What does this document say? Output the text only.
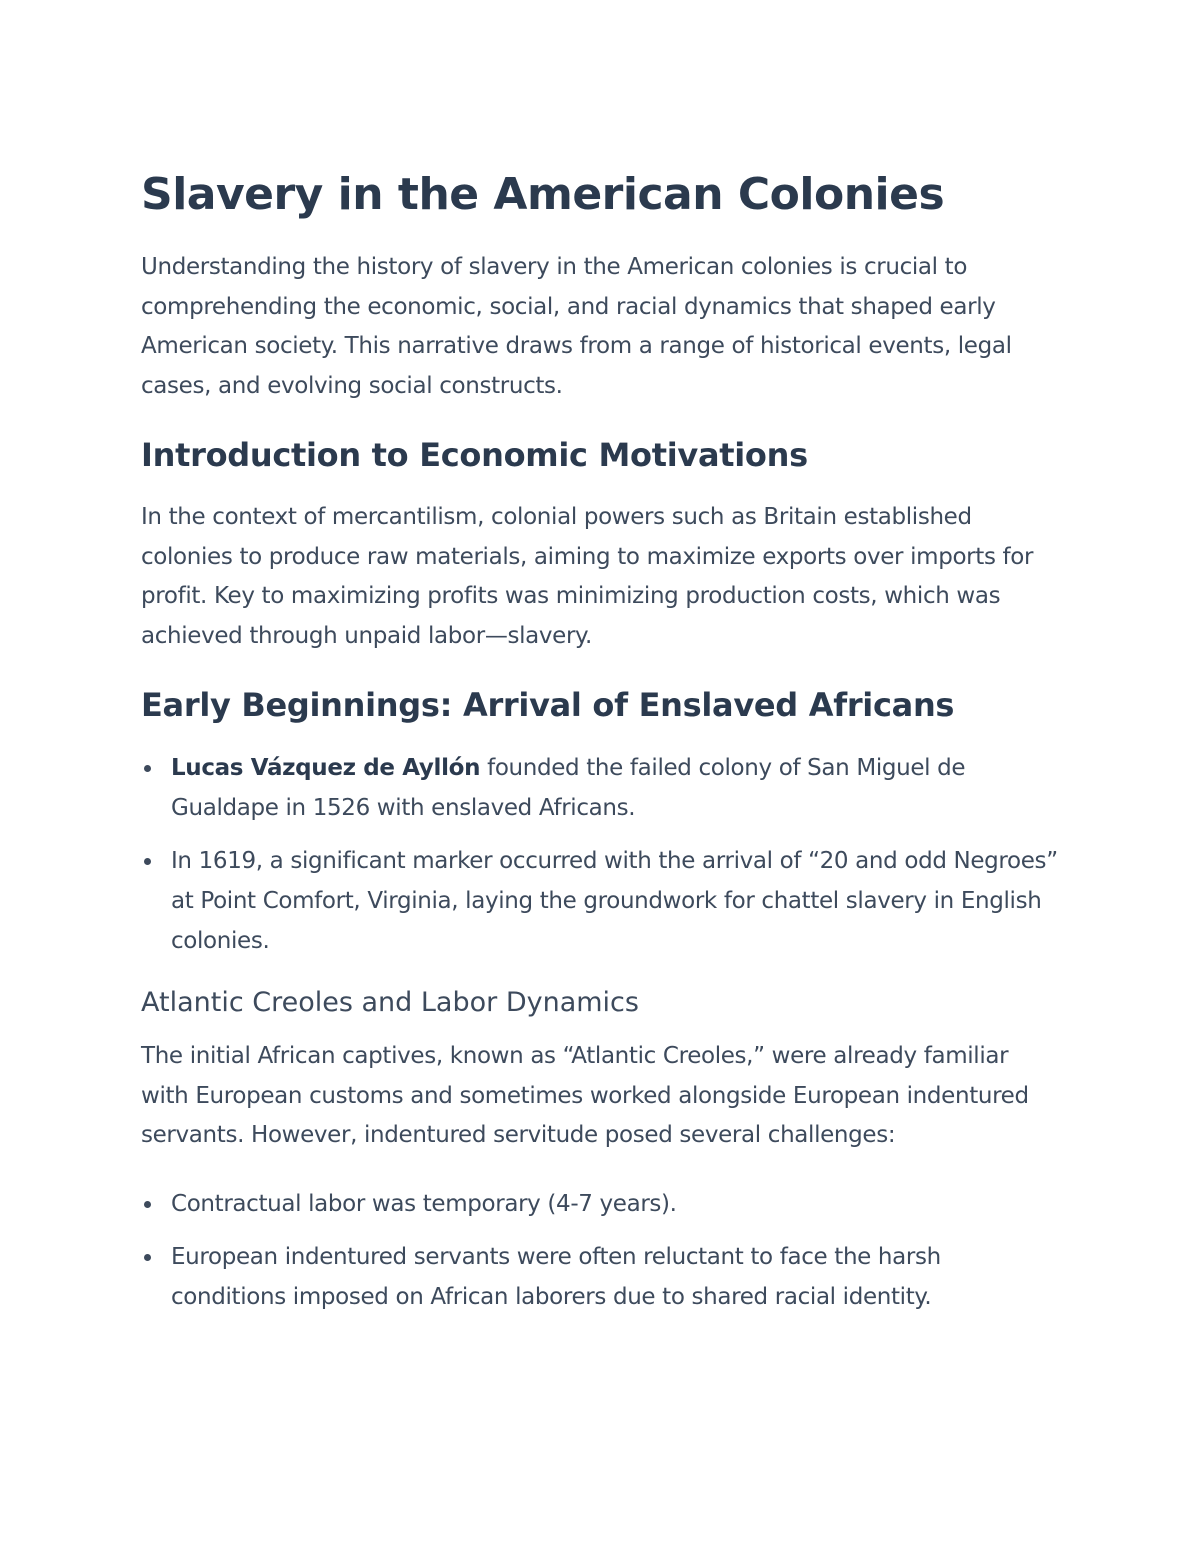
Slavery in the American Colonies

Understanding the history of slavery in the American colonies is crucial to comprehending the economic, social, and racial dynamics that shaped early American society. This narrative draws from a range of historical events, legal cases, and evolving social constructs.

Introduction to Economic Motivations

In the context of mercantilism, colonial powers such as Britain established colonies to produce raw materials, aiming to maximize exports over imports for profit. Key to maximizing profits was minimizing production costs, which was achieved through unpaid labor—slavery.

Early Beginnings: Arrival of Enslaved Africans
Lucas Vázquez de Ayllón founded the failed colony of San Miguel de Gualdape in 1526 with enslaved Africans.
In 1619, a significant marker occurred with the arrival of “20 and odd Negroes” at Point Comfort, Virginia, laying the groundwork for chattel slavery in English colonies.
Atlantic Creoles and Labor Dynamics

The initial African captives, known as “Atlantic Creoles,” were already familiar with European customs and sometimes worked alongside European indentured servants. However, indentured servitude posed several challenges:

Contractual labor was temporary (4-7 years).
European indentured servants were often reluctant to face the harsh conditions imposed on African laborers due to shared racial identity.
